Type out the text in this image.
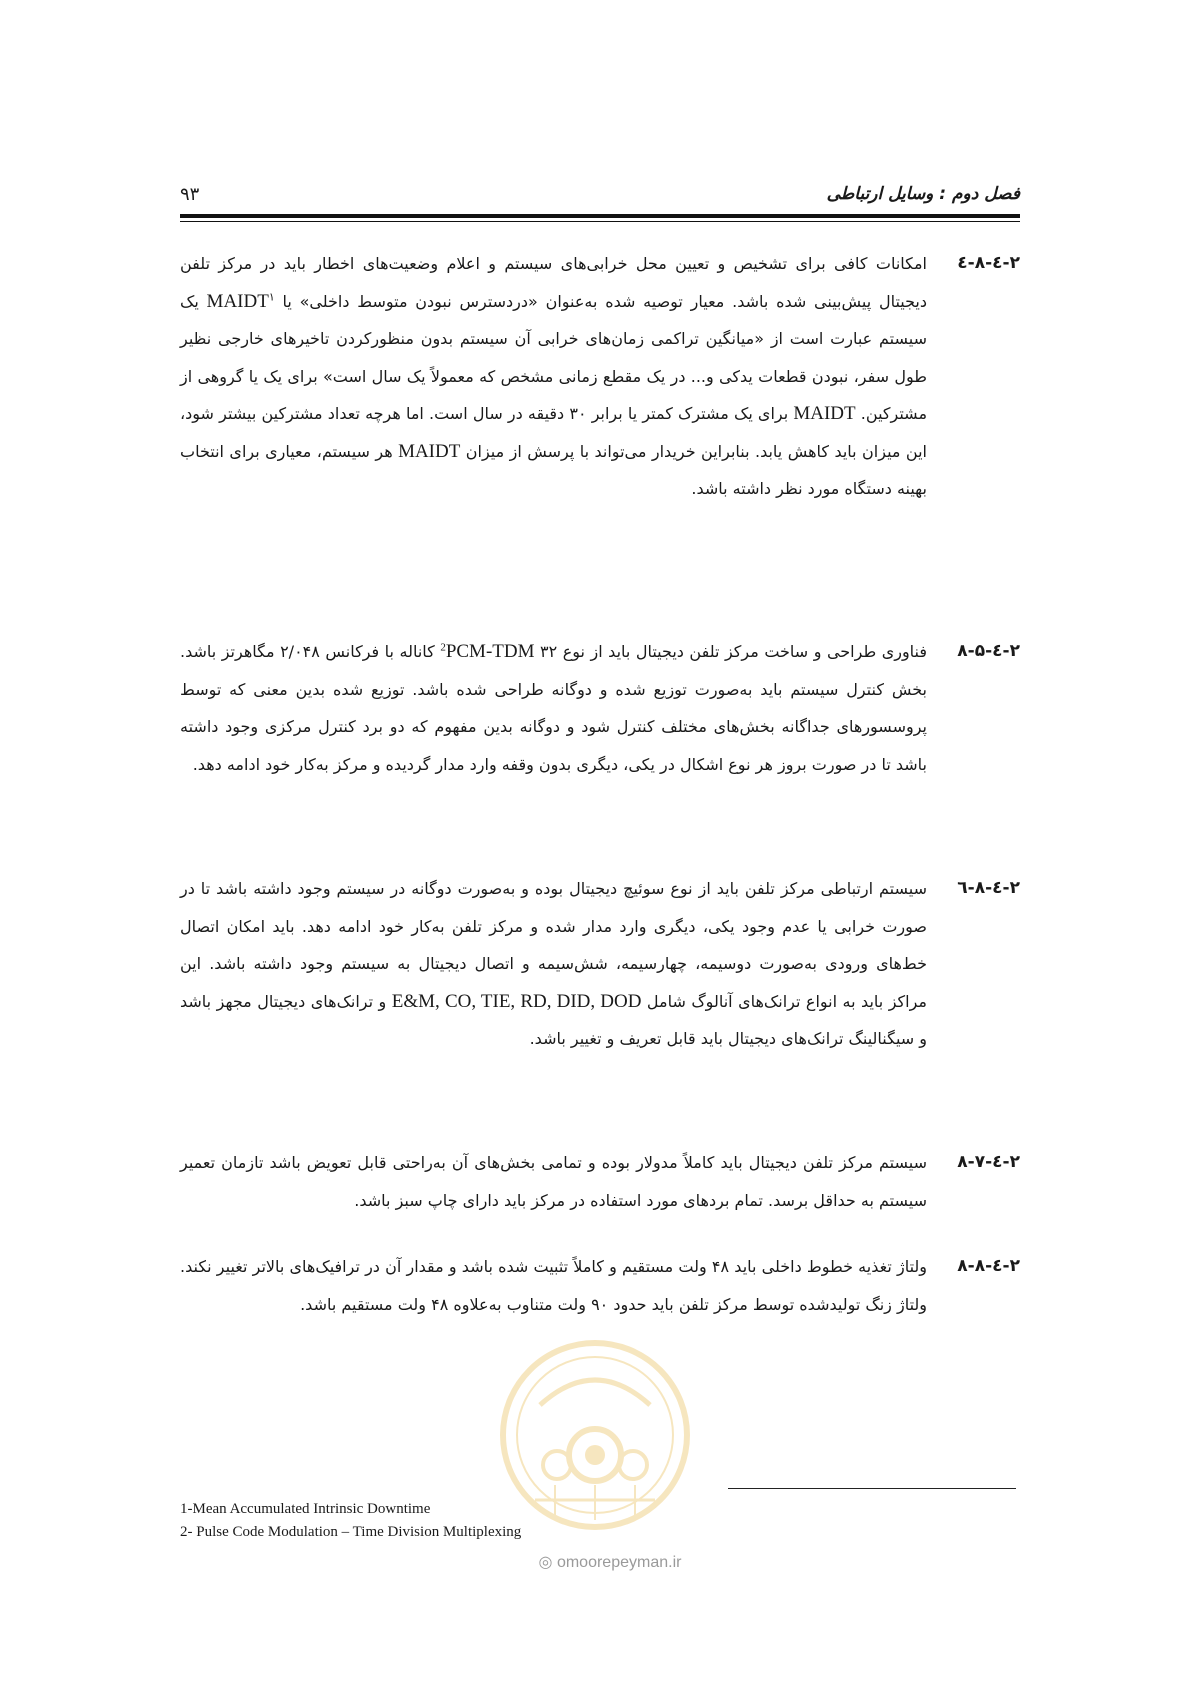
فصل دوم : وسایل ارتباطی
۹۳
۲-٤-۸-٤
امکانات کافی برای تشخیص و تعیین محل خرابی‌های سیستم و اعلام وضعیت‌های اخطار باید در مرکز تلفن دیجیتال پیش‌بینی شده باشد. معیار توصیه شده به‌عنوان «دردسترس نبودن متوسط داخلی» یا MAIDT$^۱$ یک سیستم عبارت است از «میانگین تراکمی زمان‌های خرابی آن سیستم بدون منظورکردن تاخیرهای خارجی نظیر طول سفر، نبودن قطعات یدکی و... در یک مقطع زمانی مشخص که معمولاً یک سال است» برای یک یا گروهی از مشترکین. MAIDT برای یک مشترک کمتر یا برابر ۳۰ دقیقه در سال است. اما هرچه تعداد مشترکین بیشتر شود، این میزان باید کاهش یابد. بنابراین خریدار می‌تواند با پرسش از میزان MAIDT هر سیستم، معیاری برای انتخاب بهینه دستگاه مورد نظر داشته باشد.
۲-٤-۸-۵
فناوری طراحی و ساخت مرکز تلفن دیجیتال باید از نوع $^2$PCM-TDM ۳۲ کاناله با فرکانس ۲/۰۴۸ مگاهرتز باشد. بخش کنترل سیستم باید به‌صورت توزیع شده و دوگانه طراحی شده باشد. توزیع شده بدین معنی که توسط پروسسورهای جداگانه بخش‌های مختلف کنترل شود و دوگانه بدین مفهوم که دو برد کنترل مرکزی وجود داشته باشد تا در صورت بروز هر نوع اشکال در یکی، دیگری بدون وقفه وارد مدار گردیده و مرکز به‌کار خود ادامه دهد.
۲-٤-۸-٦
سیستم ارتباطی مرکز تلفن باید از نوع سوئیچ دیجیتال بوده و به‌صورت دوگانه در سیستم وجود داشته باشد تا در صورت خرابی یا عدم وجود یکی، دیگری وارد مدار شده و مرکز تلفن به‌کار خود ادامه دهد. باید امکان اتصال خط‌های ورودی به‌صورت دوسیمه، چهارسیمه، شش‌سیمه و اتصال دیجیتال به سیستم وجود داشته باشد. این مراکز باید به انواع ترانک‌های آنالوگ شامل E&M, CO, TIE, RD, DID, DOD و ترانک‌های دیجیتال مجهز باشد و سیگنالینگ ترانک‌های دیجیتال باید قابل تعریف و تغییر باشد.
۲-٤-۸-۷
سیستم مرکز تلفن دیجیتال باید کاملاً مدولار بوده و تمامی بخش‌های آن به‌راحتی قابل تعویض باشد تازمان تعمیر سیستم به حداقل برسد. تمام بردهای مورد استفاده در مرکز باید دارای چاپ سبز باشد.
۲-٤-۸-۸
ولتاژ تغذیه خطوط داخلی باید ۴۸ ولت مستقیم و کاملاً تثبیت شده باشد و مقدار آن در ترافیک‌های بالاتر تغییر نکند. ولتاژ زنگ تولیدشده توسط مرکز تلفن باید حدود ۹۰ ولت متناوب به‌علاوه ۴۸ ولت مستقیم باشد.
1-Mean Accumulated Intrinsic Downtime
2- Pulse Code Modulation – Time Division Multiplexing
◎ omoorepeyman.ir
